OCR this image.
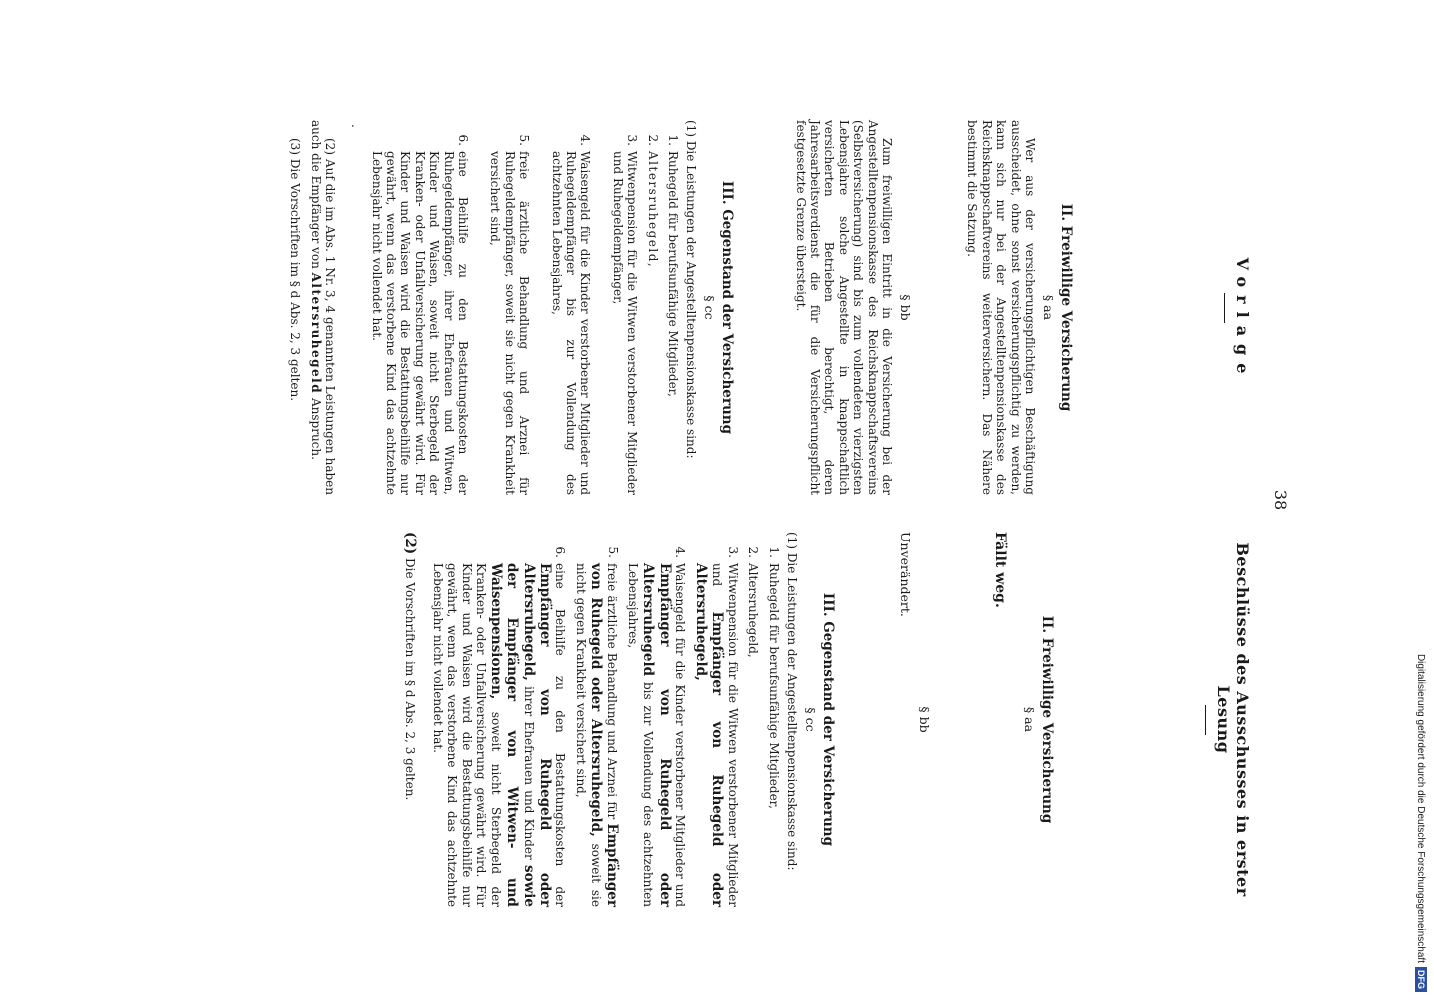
38
Vorlage
II. Freiwillige Versicherung
§ aa
Wer aus der versicherungspflichtigen Beschäftigung ausscheidet, ohne sonst versicherungspflichtig zu werden, kann sich nur bei der Angestelltenpensionskasse des Reichsknappschaftvereins weiterversichern. Das Nähere bestimmt die Satzung.
§ bb
Zum freiwilligen Eintritt in die Versicherung bei der Angestelltenpensionskasse des Reichsknappschaftsvereins (Selbstversicherung) sind bis zum vollendeten vierzigsten Lebensjahre solche Angestellte in knappschaftlich versicherten Betrieben berechtigt, deren Jahresarbeitsverdienst die für die Versicherungspflicht festgesetzte Grenze übersteigt.
III. Gegenstand der Versicherung
§ cc
(1) Die Leistungen der Angestelltenpensionskasse sind:
1.
Ruhegeld für berufsunfähige Mitglieder,
2.
Altersruhegeld,
3.
Witwenpension für die Witwen verstorbener Mitglieder und Ruhegeldempfänger,
4.
Waisengeld für die Kinder verstorbener Mitglieder und Ruhegeldempfänger bis zur Vollendung des achtzehnten Lebensjahres,
5.
freie ärztliche Behandlung und Arznei für Ruhegeldempfänger, soweit sie nicht gegen Krankheit versichert sind,
6.
eine Beihilfe zu den Bestattungskosten der Ruhegeldempfänger, ihrer Ehefrauen und Witwen, Kinder und Waisen, soweit nicht Sterbegeld der Kranken- oder Unfallversicherung gewährt wird. Für Kinder und Waisen wird die Bestattungsbeihilfe nur gewährt, wenn das verstorbene Kind das achtzehnte Lebensjahr nicht vollendet hat.
.
(2) Auf die im Abs. 1 Nr. 3, 4 genannten Leistungen haben auch die Empfänger von Altersruhegeld Anspruch.
(3) Die Vorschriften im § d Abs. 2, 3 gelten.
Beschlüsse des Ausschusses in erster Lesung
II. Freiwillige Versicherung
§ aa
Fällt weg.
§ bb
Unverändert.
III. Gegenstand der Versicherung
§ cc
(1) Die Leistungen der Angestelltenpensionskasse sind:
1.
Ruhegeld für berufsunfähige Mitglieder,
2.
Altersruhegeld,
3.
Witwenpension für die Witwen verstorbener Mitglieder und Empfänger von Ruhegeld oder Altersruhegeld,
4.
Waisengeld für die Kinder verstorbener Mitglieder und Empfänger von Ruhegeld oder Altersruhegeld bis zur Vollendung des achtzehnten Lebensjahres,
5.
freie ärztliche Behandlung und Arznei für Empfänger von Ruhegeld oder Altersruhegeld, soweit sie nicht gegen Krankheit versichert sind,
6.
eine Beihilfe zu den Bestattungskosten der Empfänger von Ruhegeld oder Altersruhegeld, ihrer Ehefrauen und Kinder sowie der Empfänger von Witwen- und Waisenpensionen, soweit nicht Sterbegeld der Kranken- oder Unfallversicherung gewährt wird. Für Kinder und Waisen wird die Bestattungsbeihilfe nur gewährt, wenn das verstorbene Kind das achtzehnte Lebensjahr nicht vollendet hat.
(2) Die Vorschriften im § d Abs. 2, 3 gelten.	Digitalisierung gefördert durch die Deutsche Forschungsgemeinschaft
DFG
